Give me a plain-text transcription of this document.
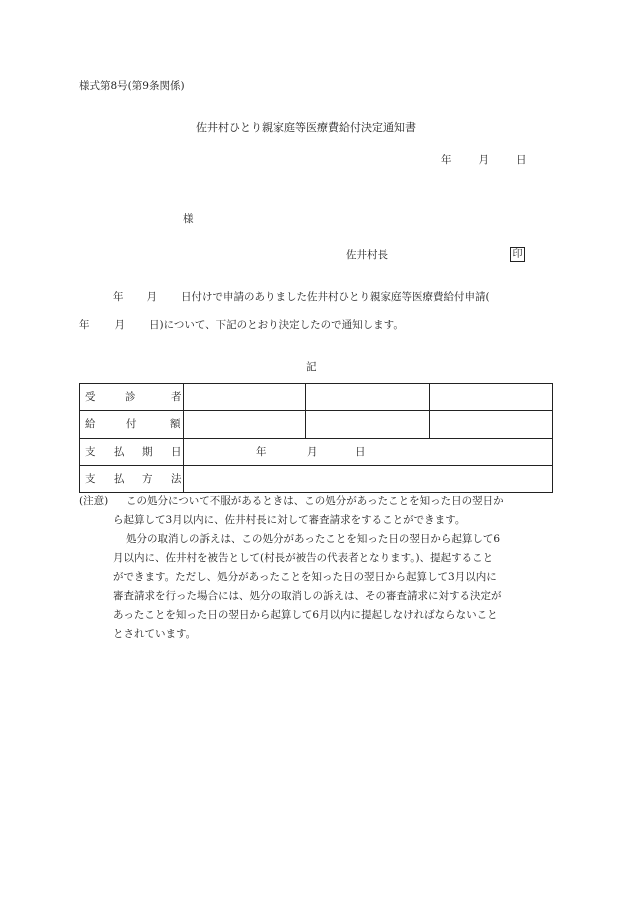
様式第8号(第9条関係)
佐井村ひとり親家庭等医療費給付決定通知書
年	月	日
様
佐井村長	印
年 月 日付けで申請のありました佐井村ひとり親家庭等医療費給付申請(
年 月 日)について、下記のとおり決定したので通知します。
記
受 診 者			

給 付 額			

支 払 期 日	年 月 日		

支 払 方 法			

(注意) この処分について不服があるときは、この処分があったことを知った日の翌日か
ら起算して3月以内に、佐井村長に対して審査請求をすることができます。
処分の取消しの訴えは、この処分があったことを知った日の翌日から起算して6
月以内に、佐井村を被告として(村長が被告の代表者となります。)、提起すること
ができます。ただし、処分があったことを知った日の翌日から起算して3月以内に
審査請求を行った場合には、処分の取消しの訴えは、その審査請求に対する決定が
あったことを知った日の翌日から起算して6月以内に提起しなければならないこと
とされています。
